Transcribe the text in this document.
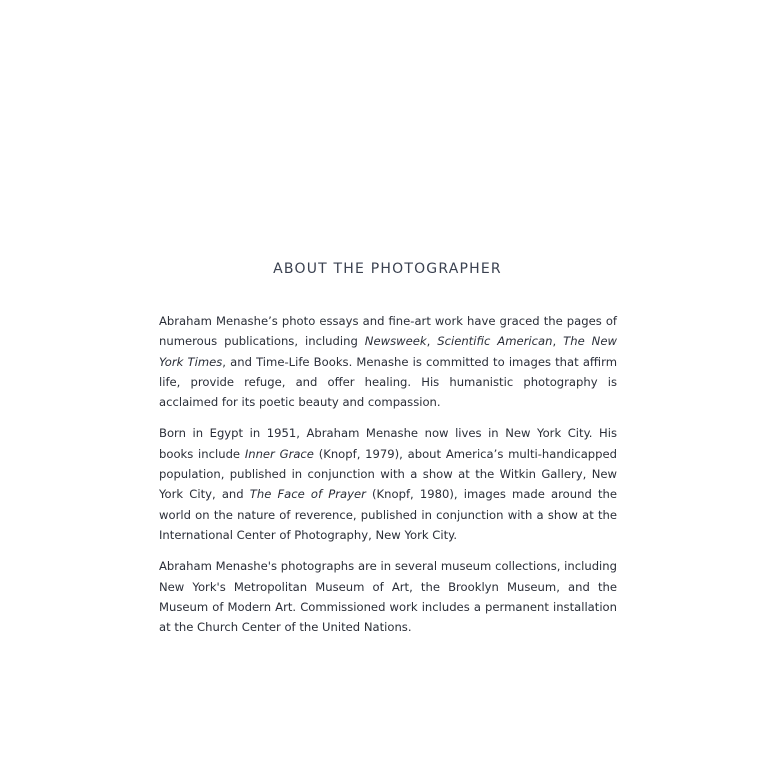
ABOUT THE PHOTOGRAPHER

Abraham Menashe’s photo essays and fine-art work have graced the pages of numerous publications, including Newsweek, Scientific American, The New York Times, and Time-Life Books. Menashe is committed to images that affirm life, provide refuge, and offer healing. His humanistic photography is acclaimed for its poetic beauty and compassion.

Born in Egypt in 1951, Abraham Menashe now lives in New York City. His books include Inner Grace (Knopf, 1979), about America’s multi-handicapped population, published in conjunction with a show at the Witkin Gallery, New York City, and The Face of Prayer (Knopf, 1980), images made around the world on the nature of reverence, published in conjunction with a show at the International Center of Photography, New York City.

Abraham Menashe's photographs are in several museum collections, including New York's Metropolitan Museum of Art, the Brooklyn Museum, and the Museum of Modern Art. Commissioned work includes a permanent installation at the Church Center of the United Nations.
